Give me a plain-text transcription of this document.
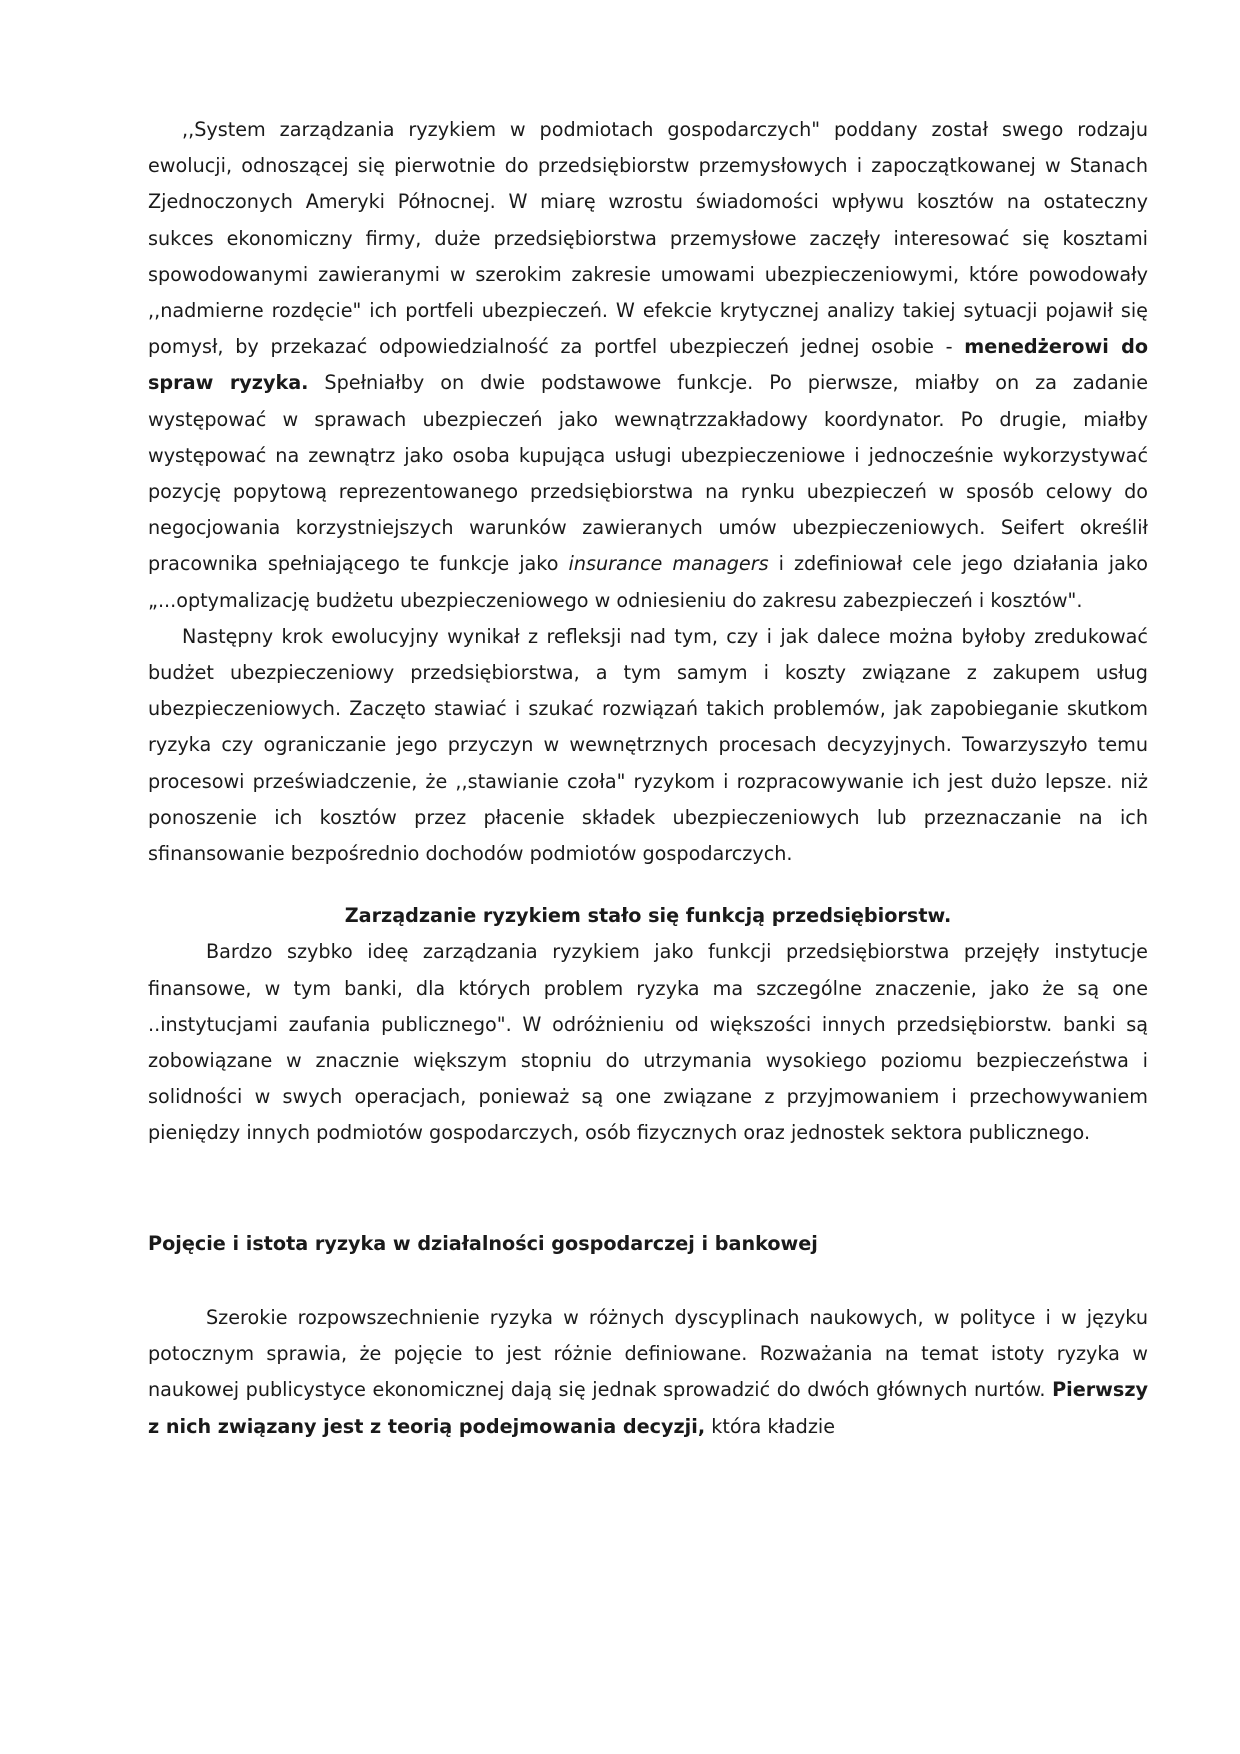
,,System zarządzania ryzykiem w podmiotach gospodarczych" poddany został swego rodzaju ewolucji, odnoszącej się pierwotnie do przedsiębiorstw przemysłowych i zapoczątkowanej w Stanach Zjednoczonych Ameryki Północnej. W miarę wzrostu świadomości wpływu kosztów na ostateczny sukces ekonomiczny firmy, duże przedsiębiorstwa przemysłowe zaczęły interesować się kosztami spowodowanymi zawieranymi w szerokim zakresie umowami ubezpieczeniowymi, które powodowały ,,nadmierne rozdęcie" ich portfeli ubezpieczeń. W efekcie krytycznej analizy takiej sytuacji pojawił się pomysł, by przekazać odpowiedzialność za portfel ubezpieczeń jednej osobie - menedżerowi do spraw ryzyka. Spełniałby on dwie podstawowe funkcje. Po pierwsze, miałby on za zadanie występować w sprawach ubezpieczeń jako wewnątrzzakładowy koordynator. Po drugie, miałby występować na zewnątrz jako osoba kupująca usługi ubezpieczeniowe i jednocześnie wykorzystywać pozycję popytową reprezentowanego przedsiębiorstwa na rynku ubezpieczeń w sposób celowy do negocjowania korzystniejszych warunków zawieranych umów ubezpieczeniowych. Seifert określił pracownika spełniającego te funkcje jako insurance managers i zdefiniował cele jego działania jako „...optymalizację budżetu ubezpieczeniowego w odniesieniu do zakresu zabezpieczeń i kosztów".

Następny krok ewolucyjny wynikał z refleksji nad tym, czy i jak dalece można byłoby zredukować budżet ubezpieczeniowy przedsiębiorstwa, a tym samym i koszty związane z zakupem usług ubezpieczeniowych. Zaczęto stawiać i szukać rozwiązań takich problemów, jak zapobieganie skutkom ryzyka czy ograniczanie jego przyczyn w wewnętrznych procesach decyzyjnych. Towarzyszyło temu procesowi przeświadczenie, że ,,stawianie czoła" ryzykom i rozpracowywanie ich jest dużo lepsze. niż ponoszenie ich kosztów przez płacenie składek ubezpieczeniowych lub przeznaczanie na ich sfinansowanie bezpośrednio dochodów podmiotów gospodarczych.

Zarządzanie ryzykiem stało się funkcją przedsiębiorstw.

Bardzo szybko ideę zarządzania ryzykiem jako funkcji przedsiębiorstwa przejęły instytucje finansowe, w tym banki, dla których problem ryzyka ma szczególne znaczenie, jako że są one ..instytucjami zaufania publicznego". W odróżnieniu od większości innych przedsiębiorstw. banki są zobowiązane w znacznie większym stopniu do utrzymania wysokiego poziomu bezpieczeństwa i solidności w swych operacjach, ponieważ są one związane z przyjmowaniem i przechowywaniem pieniędzy innych podmiotów gospodarczych, osób fizycznych oraz jednostek sektora publicznego.

Pojęcie i istota ryzyka w działalności gospodarczej i bankowej

Szerokie rozpowszechnienie ryzyka w różnych dyscyplinach naukowych, w polityce i w języku potocznym sprawia, że pojęcie to jest różnie definiowane. Rozważania na temat istoty ryzyka w naukowej publicystyce ekonomicznej dają się jednak sprowadzić do dwóch głównych nurtów. Pierwszy z nich związany jest z teorią podejmowania decyzji, która kładzie
